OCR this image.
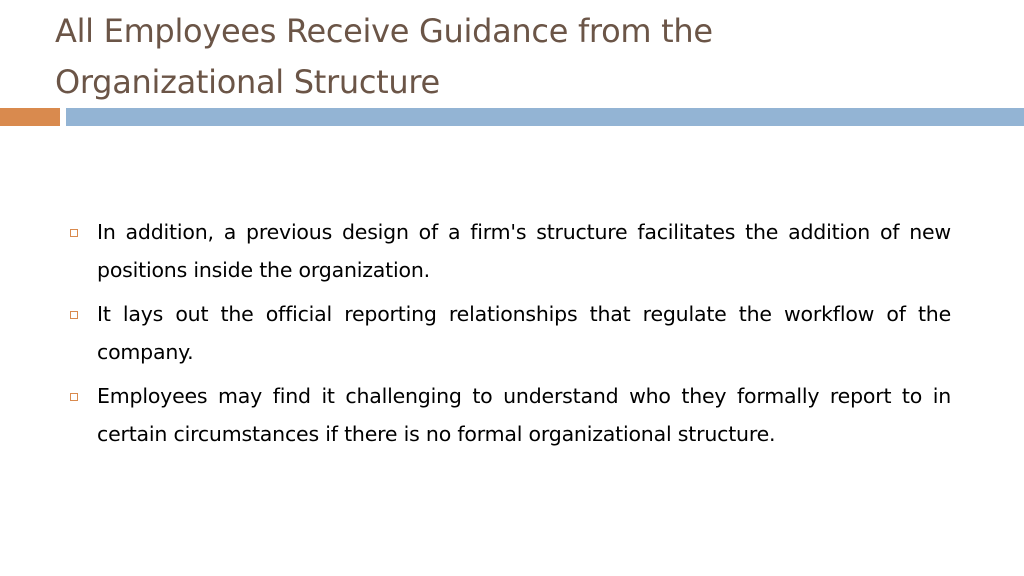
All Employees Receive Guidance from the
Organizational Structure
In addition, a previous design of a firm's structure facilitates the addition of new positions inside the organization.
It lays out the official reporting relationships that regulate the workflow of the company.
Employees may find it challenging to understand who they formally report to in certain circumstances if there is no formal organizational structure.
